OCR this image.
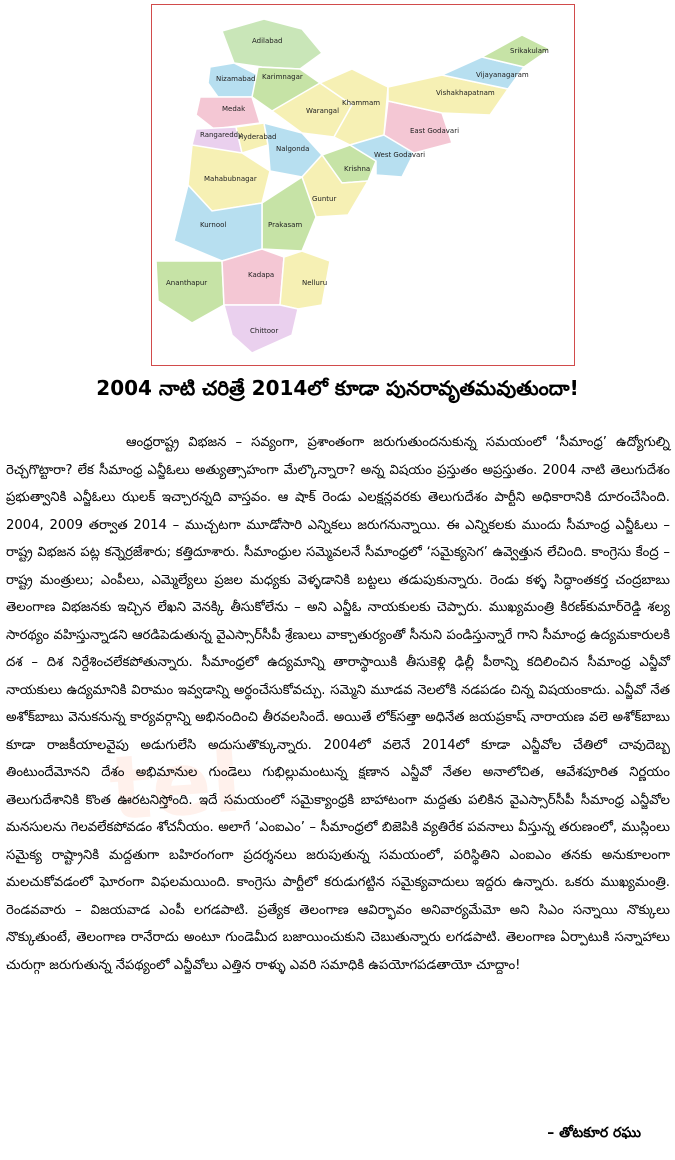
Adilabad
Nizamabad Karimnagar
Medak	Warangal
Rangareddy
Hyderabad
Nalgonda
Khammam
Mahabubnagar
Krishna
West Godavari
East Godavari
Vishakhapatnam
Vijayanagaram
Srikakulam
Guntur
Prakasam
Kurnool
Ananthapur
Kadapa
Nelluru
Chittoor
tel
2004 నాటి చరిత్రే 2014లో కూడా పునరావృతమవుతుందా!

ఆంధ్రరాష్ట్ర విభజన – సవ్యంగా, ప్రశాంతంగా జరుగుతుందనుకున్న సమయంలో ‘సీమాంధ్ర’ ఉద్యోగుల్ని రెచ్చగొట్టారా? లేక సీమాంధ్ర ఎన్జీఓలు అత్యుత్సాహంగా మేల్కొన్నారా? అన్న విషయం ప్రస్తుతం అప్రస్తుతం. 2004 నాటి తెలుగుదేశం ప్రభుత్వానికి ఎన్జీఓలు ఝలక్ ఇచ్చారన్నది వాస్తవం. ఆ షాక్ రెండు ఎలక్షన్లవరకు తెలుగుదేశం పార్టీని అధికారానికి దూరంచేసింది. 2004, 2009 తర్వాత 2014 – ముచ్చటగా మూడోసారి ఎన్నికలు జరుగనున్నాయి. ఈ ఎన్నికలకు ముందు సీమాంధ్ర ఎన్జీఓలు – రాష్ట్ర విభజన పట్ల కన్నెర్రజేశారు; కత్తిదూశారు. సీమాంధ్రుల సమ్మెవలనే సీమాంధ్రలో ‘సమైక్యసెగ’ ఉవ్వెత్తున లేచింది. కాంగ్రెసు కేంద్ర – రాష్ట్ర మంత్రులు; ఎంపీలు, ఎమ్మెల్యేలు ప్రజల మధ్యకు వెళ్ళడానికి బట్టలు తడుపుకున్నారు. రెండు కళ్ళ సిద్ధాంతకర్త చంద్రబాబు తెలంగాణ విభజనకు ఇచ్చిన లేఖని వెనక్కి తీసుకోలేను – అని ఎన్జీఓ నాయకులకు చెప్పారు. ముఖ్యమంత్రి కిరణ్‌కుమార్‌రెడ్డి శల్య సారథ్యం వహిస్తున్నాడని ఆరడిపెడుతున్న వైఎస్సార్‌సీపీ శ్రేణులు వాక్చాతుర్యంతో సీనుని పండిస్తున్నారే గాని సీమాంధ్ర ఉద్యమకారులకి దశ – దిశ నిర్దేశించలేకపోతున్నారు. సీమాంధ్రలో ఉద్యమాన్ని తారాస్థాయికి తీసుకెళ్లి ఢిల్లీ పీఠాన్ని కదిలించిన సీమాంధ్ర ఎన్జీవో నాయకులు ఉద్యమానికి విరామం ఇవ్వడాన్ని అర్థంచేసుకోవచ్చు. సమ్మెని మూడవ నెలలోకి నడపడం చిన్న విషయంకాదు. ఎన్జీవో నేత అశోక్‌బాబు వెనుకనున్న కార్యవర్గాన్ని అభినందించి తీరవలసిందే. అయితే లోక్‌సత్తా అధినేత జయప్రకాష్ నారాయణ వలె అశోక్‌బాబు కూడా రాజకీయాలవైపు అడుగులేసి అదుసుతొక్కున్నారు. 2004లో వలెనే 2014లో కూడా ఎన్జీవోల చేతిలో చావుదెబ్బ తింటుందేమోనని దేశం అభిమానుల గుండెలు గుభిల్లుమంటున్న క్షణాన ఎన్జీవో నేతల అనాలోచిత, ఆవేశపూరిత నిర్ణయం తెలుగుదేశానికి కొంత ఊరటనిస్తోంది. ఇదే సమయంలో సమైక్యాంధ్రకి బాహాటంగా మద్దతు పలికిన వైఎస్సార్‌సీపీ సీమాంధ్ర ఎన్జీవోల మనసులను గెలవలేకపోవడం శోచనీయం. అలాగే ‘ఎంఐఎం’ – సీమాంధ్రలో బిజెపికి వ్యతిరేక పవనాలు వీస్తున్న తరుణంలో, ముస్లింలు సమైక్య రాష్ట్రానికి మద్దతుగా బహిరంగంగా ప్రదర్శనలు జరుపుతున్న సమయంలో, పరిస్థితిని ఎంఐఎం తనకు అనుకూలంగా మలచుకోవడంలో ఘోరంగా విఫలమయింది. కాంగ్రెసు పార్టీలో కరుడుగట్టిన సమైక్యవాదులు ఇద్దరు ఉన్నారు. ఒకరు ముఖ్యమంత్రి. రెండవవారు – విజయవాడ ఎంపీ లగడపాటి. ప్రత్యేక తెలంగాణ ఆవిర్భావం అనివార్యమేమో అని సిఎం సన్నాయి నొక్కులు నొక్కుతుంటే, తెలంగాణ రానేరాదు అంటూ గుండెమీద బజాయించుకుని చెబుతున్నారు లగడపాటి. తెలంగాణ ఏర్పాటుకి సన్నాహాలు చురుగ్గా జరుగుతున్న నేపథ్యంలో ఎన్జీవోలు ఎత్తిన రాళ్ళు ఎవరి సమాధికి ఉపయోగపడతాయో చూద్దాం!

– తోటకూర రఘు
